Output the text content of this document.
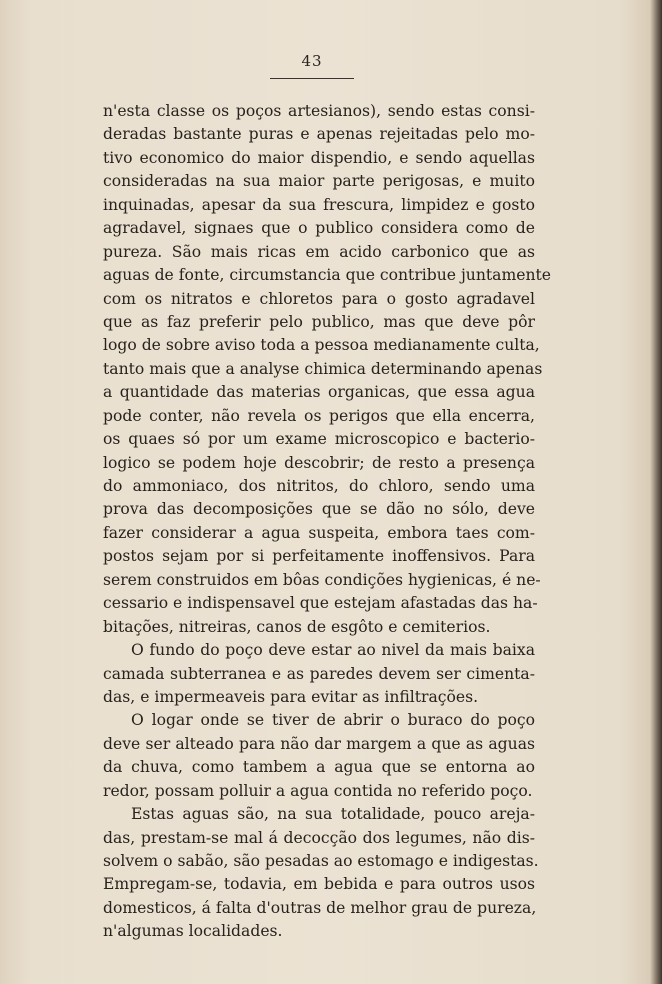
43
n'esta classe os poços artesianos), sendo estas consi-
deradas bastante puras e apenas rejeitadas pelo mo-
tivo economico do maior dispendio, e sendo aquellas
consideradas na sua maior parte perigosas, e muito
inquinadas, apesar da sua frescura, limpidez e gosto
agradavel, signaes que o publico considera como de
pureza. São mais ricas em acido carbonico que as
aguas de fonte, circumstancia que contribue juntamente
com os nitratos e chloretos para o gosto agradavel
que as faz preferir pelo publico, mas que deve pôr
logo de sobre aviso toda a pessoa medianamente culta,
tanto mais que a analyse chimica determinando apenas
a quantidade das materias organicas, que essa agua
pode conter, não revela os perigos que ella encerra,
os quaes só por um exame microscopico e bacterio-
logico se podem hoje descobrir; de resto a presença
do ammoniaco, dos nitritos, do chloro, sendo uma
prova das decomposições que se dão no sólo, deve
fazer considerar a agua suspeita, embora taes com-
postos sejam por si perfeitamente inoffensivos. Para
serem construidos em bôas condições hygienicas, é ne-
cessario e indispensavel que estejam afastadas das ha-
bitações, nitreiras, canos de esgôto e cemiterios.
O fundo do poço deve estar ao nivel da mais baixa
camada subterranea e as paredes devem ser cimenta-
das, e impermeaveis para evitar as infiltrações.
O logar onde se tiver de abrir o buraco do poço
deve ser alteado para não dar margem a que as aguas
da chuva, como tambem a agua que se entorna ao
redor, possam polluir a agua contida no referido poço.
Estas aguas são, na sua totalidade, pouco areja-
das, prestam-se mal á decocção dos legumes, não dis-
solvem o sabão, são pesadas ao estomago e indigestas.
Empregam-se, todavia, em bebida e para outros usos
domesticos, á falta d'outras de melhor grau de pureza,
n'algumas localidades.
